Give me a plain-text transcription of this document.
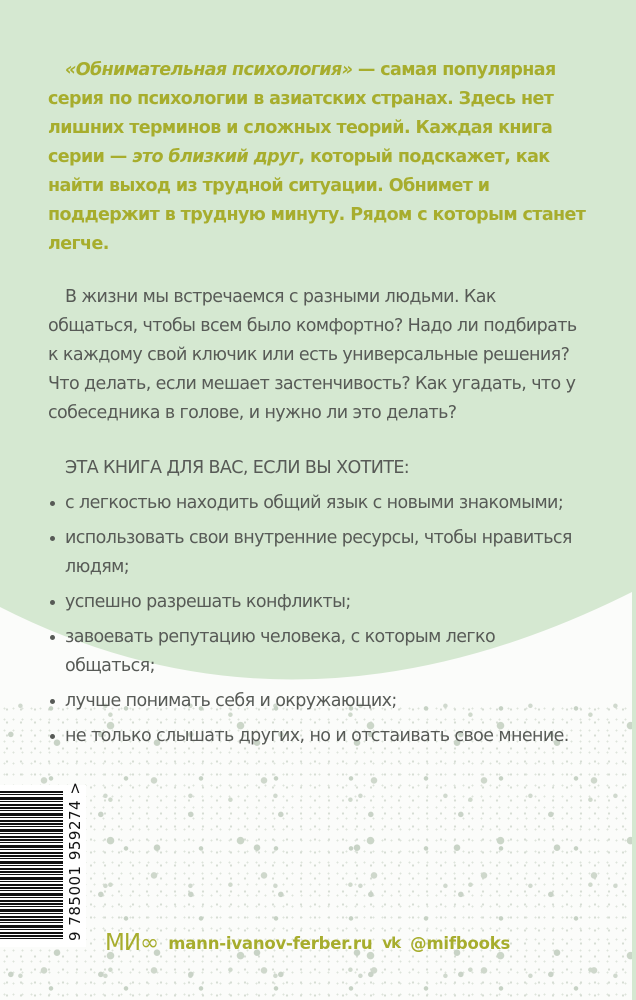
«Обнимательная психология» — самая популярная серия по психологии в азиатских странах. Здесь нет лишних терминов и сложных теорий. Каждая книга серии — это близкий друг, который подскажет, как найти выход из трудной ситуации. Обнимет и поддержит в трудную минуту. Рядом с которым станет легче.

В жизни мы встречаемся с разными людьми. Как общаться, чтобы всем было комфортно? Надо ли подбирать к каждому свой ключик или есть универсальные решения? Что делать, если мешает застенчивость? Как угадать, что у собеседника в голове, и нужно ли это делать?

ЭТА КНИГА ДЛЯ ВАС, ЕСЛИ ВЫ ХОТИТЕ:
с легкостью находить общий язык с новыми знакомыми;
использовать свои внутренние ресурсы, чтобы нравиться людям;
успешно разрешать конфликты;
завоевать репутацию человека, с которым легко общаться;
лучше понимать себя и окружающих;
не только слышать других, но и отстаивать свое мнение.
9 785001 959274 >
МИ∞ mann-ivanov-ferber.ru vk @mifbooks
